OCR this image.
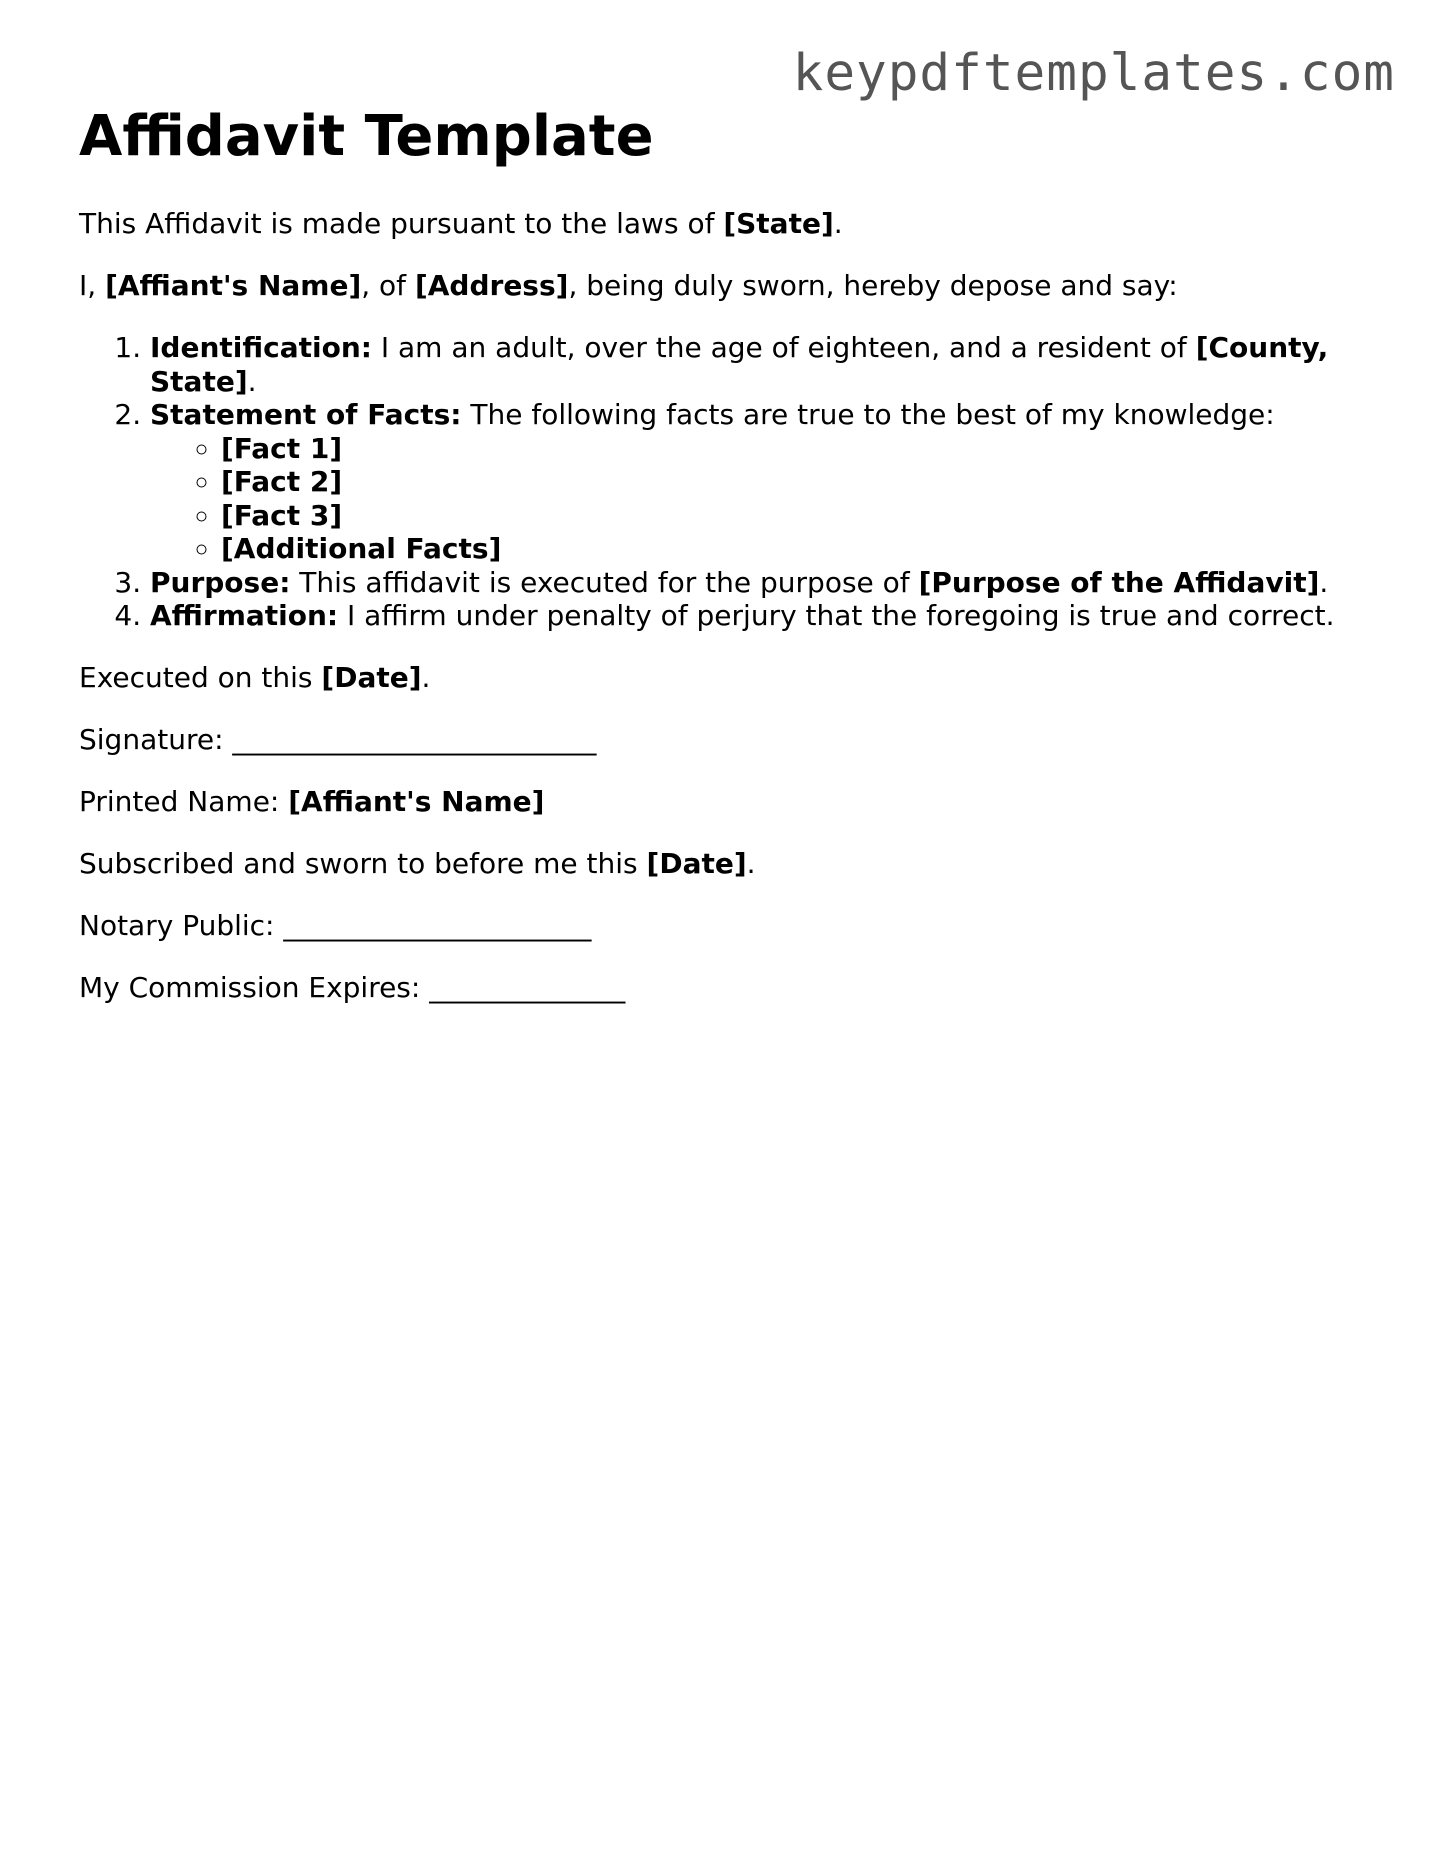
keypdftemplates.com
Affidavit Template

This Affidavit is made pursuant to the laws of [State].

I, [Affiant's Name], of [Address], being duly sworn, hereby depose and say:

1. Identification: I am an adult, over the age of eighteen, and a resident of [County, State].
2. Statement of Facts: The following facts are true to the best of my knowledge:
◦ [Fact 1]
◦ [Fact 2]
◦ [Fact 3]
◦ [Additional Facts]
3. Purpose: This affidavit is executed for the purpose of [Purpose of the Affidavit].
4. Affirmation: I affirm under penalty of perjury that the foregoing is true and correct.

Executed on this [Date].

Signature: __________________________

Printed Name: [Affiant's Name]

Subscribed and sworn to before me this [Date].

Notary Public: ______________________

My Commission Expires: ______________
